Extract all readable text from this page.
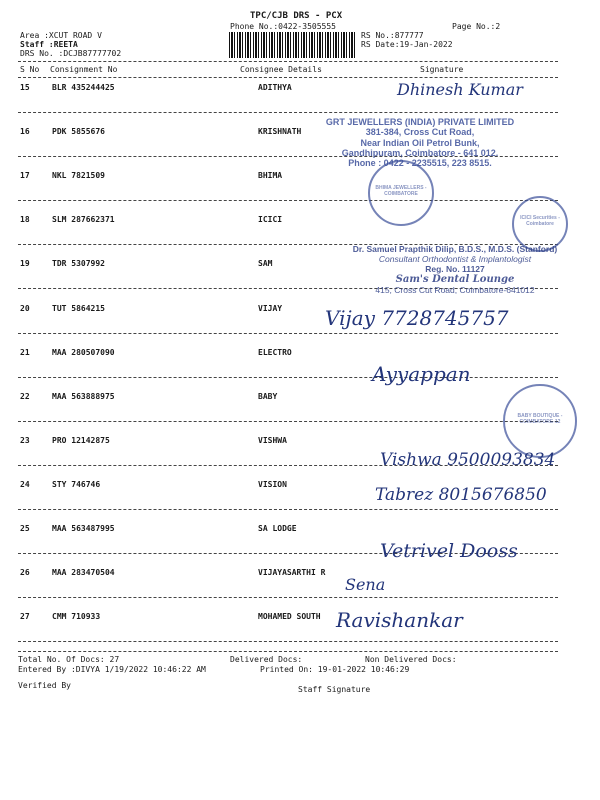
TPC/CJB DRS - PCX
Phone No.:0422-3505555
Area :XCUT ROAD V
Staff :REETA
DRS No. :DCJB87777702
RS No.:877777
RS Date:19-Jan-2022
Page No.:2
S No Consignment No	Consignee Details	Signature
15	BLR 435244425	ADITHYA
16	PDK 5855676	KRISHNATH
17	NKL 7821509	BHIMA
18	SLM 287662371	ICICI
19	TDR 5307992	SAM
20	TUT 5864215	VIJAY
21	MAA 280507090	ELECTRO
22	MAA 563888975	BABY
23	PRO 12142875	VISHWA
24	STY 746746	VISION
25	MAA 563487995	SA LODGE
26	MAA 283470504	VIJAYASARTHI R
27	CMM 710933	MOHAMED SOUTH
Dhinesh Kumar
GRT JEWELLERS (INDIA) PRIVATE LIMITED
381-384, Cross Cut Road,
Near Indian Oil Petrol Bunk,
Gandhipuram, Coimbatore - 641 012.
Phone : 0422 - 2235515, 223 8515.
BHIMA JEWELLERS - COIMBATORE
ICICI Securities - Coimbatore
Dr. Samuel Prapthik Dilip, B.D.S., M.D.S. (Stanford)
Consultant Orthodontist & Implantologist
Reg. No. 11127
Sam's Dental Lounge
415, Cross Cut Road, Coimbatore-641012
Vijay 7728745757
Ayyappan
BABY BOUTIQUE - COIMBATORE-12
Vishwa 9500093834
Tabrez 8015676850
Vetrivel Dooss
Sena
Ravishankar
Total No. Of Docs: 27	Delivered Docs:	Non Delivered Docs:
Entered By :DIVYA 1/19/2022 10:46:22 AM	Printed On: 19-01-2022 10:46:29
Verified By	Staff Signature
